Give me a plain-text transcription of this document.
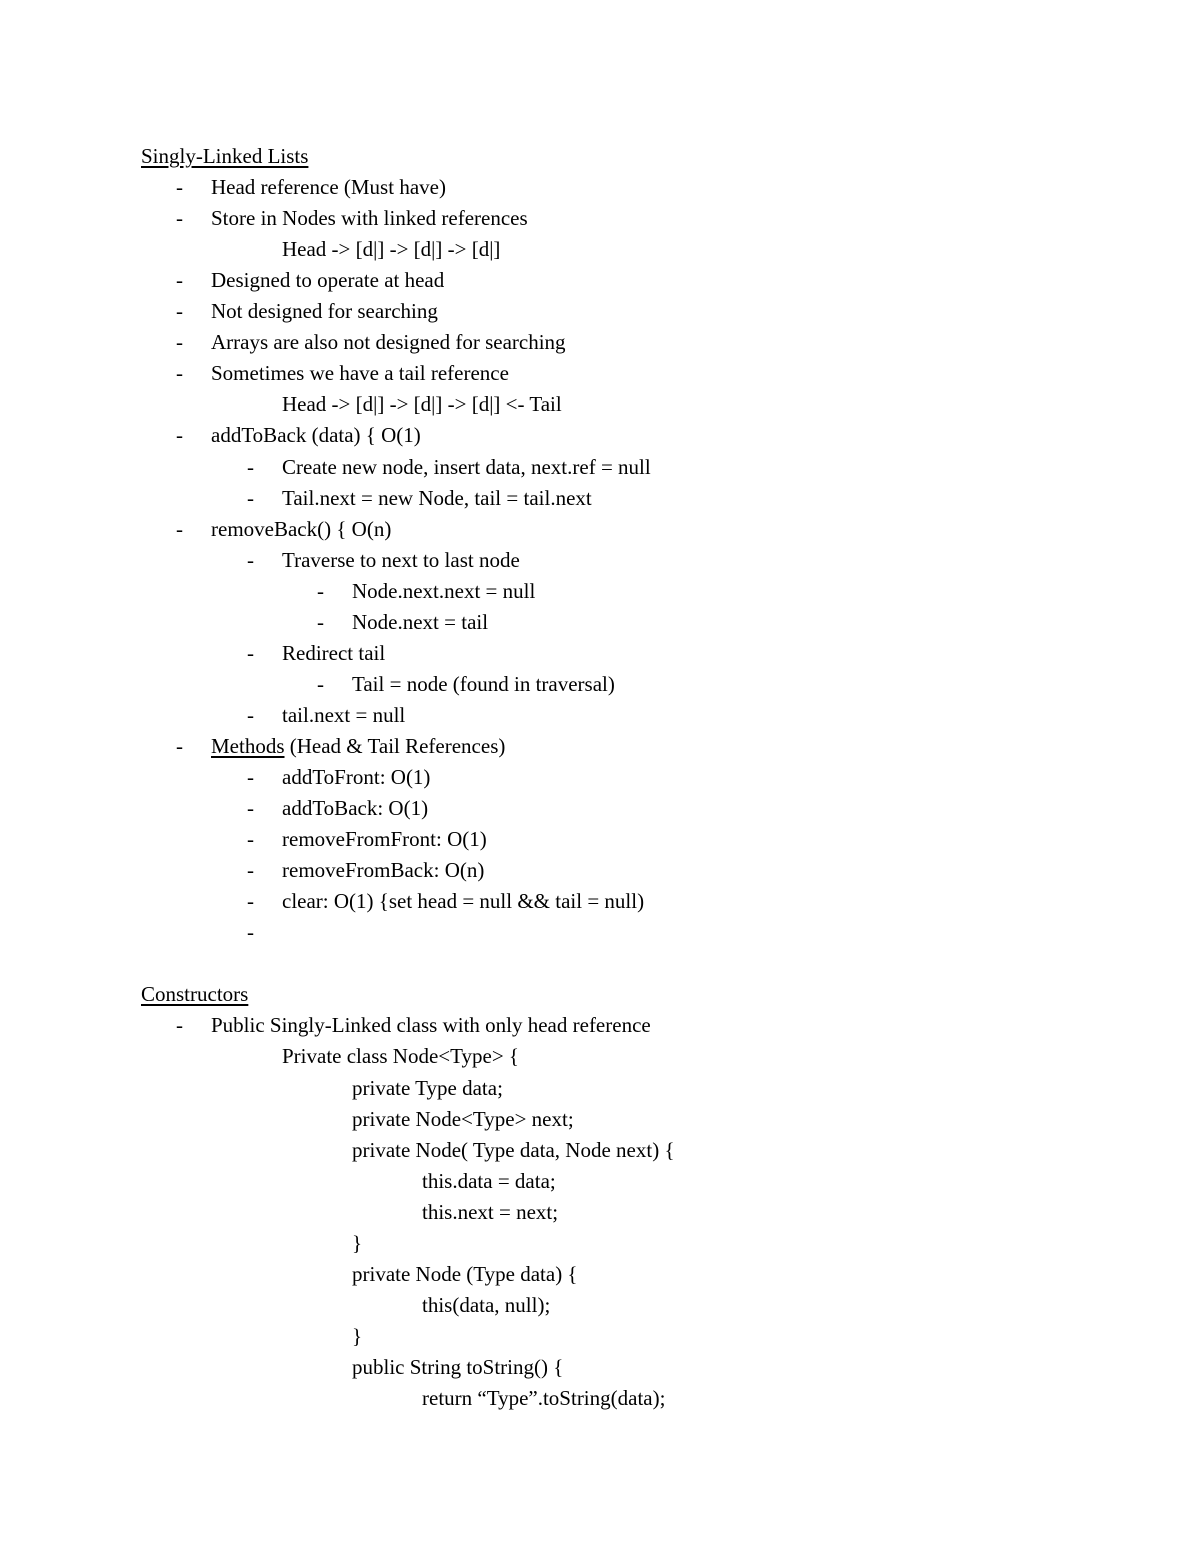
Singly-Linked Lists
- Head reference (Must have)
- Store in Nodes with linked references
Head -> [d|] -> [d|] -> [d|]
- Designed to operate at head
- Not designed for searching
- Arrays are also not designed for searching
- Sometimes we have a tail reference
Head -> [d|] -> [d|] -> [d|] <- Tail
- addToBack (data) { O(1)
- Create new node, insert data, next.ref = null
- Tail.next = new Node, tail = tail.next
- removeBack() { O(n)
- Traverse to next to last node
- Node.next.next = null
- Node.next = tail
- Redirect tail
- Tail = node (found in traversal)
- tail.next = null
- Methods (Head & Tail References)
- addToFront: O(1)
- addToBack: O(1)
- removeFromFront: O(1)
- removeFromBack: O(n)
- clear: O(1) {set head = null && tail = null)
-
Constructors
- Public Singly-Linked class with only head reference
Private class Node<Type> {
private Type data;
private Node<Type> next;
private Node( Type data, Node next) {
this.data = data;
this.next = next;
}
private Node (Type data) {
this(data, null);
}
public String toString() {
return “Type”.toString(data);
